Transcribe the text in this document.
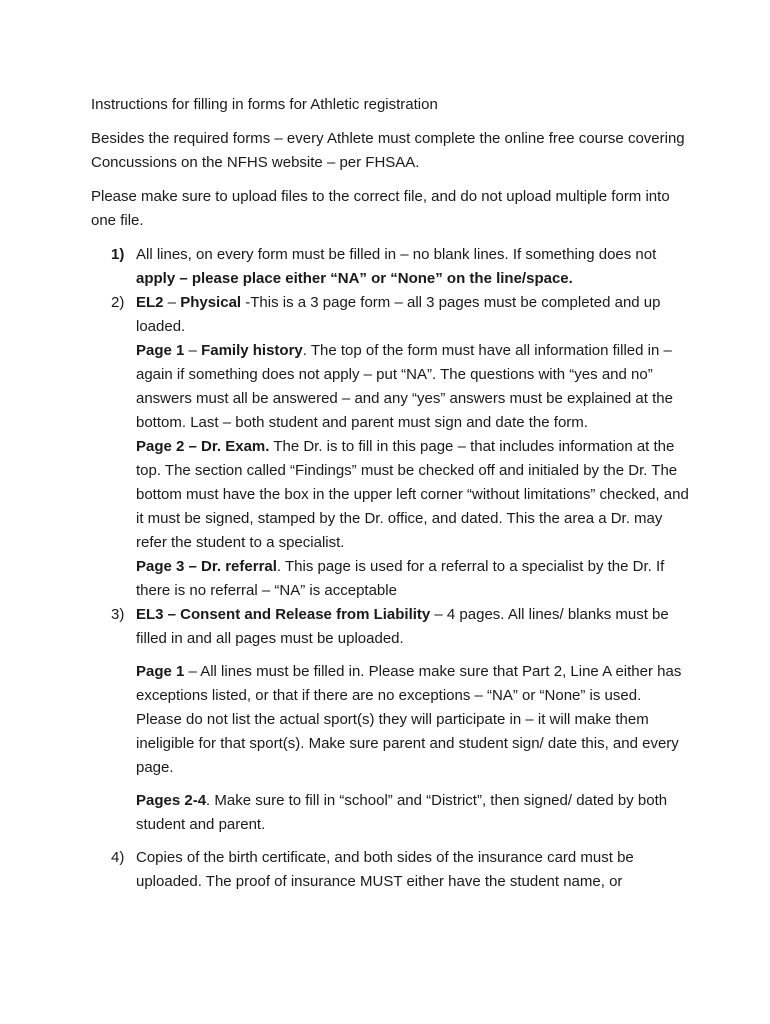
Instructions for filling in forms for Athletic registration

Besides the required forms – every Athlete must complete the online free course covering Concussions on the NFHS website – per FHSAA.

Please make sure to upload files to the correct file, and do not upload multiple form into one file.

1) All lines, on every form must be filled in – no blank lines. If something does not apply – please place either “NA” or “None” on the line/space.
2) EL2 – Physical -This is a 3 page form – all 3 pages must be completed and up loaded.

Page 1 – Family history. The top of the form must have all information filled in – again if something does not apply – put “NA”. The questions with “yes and no” answers must all be answered – and any “yes” answers must be explained at the bottom. Last – both student and parent must sign and date the form.

Page 2 – Dr. Exam. The Dr. is to fill in this page – that includes information at the top. The section called “Findings” must be checked off and initialed by the Dr. The bottom must have the box in the upper left corner “without limitations” checked, and it must be signed, stamped by the Dr. office, and dated. This the area a Dr. may refer the student to a specialist.

Page 3 – Dr. referral. This page is used for a referral to a specialist by the Dr. If there is no referral – “NA” is acceptable

3) EL3 – Consent and Release from Liability – 4 pages. All lines/ blanks must be filled in and all pages must be uploaded.

Page 1 – All lines must be filled in. Please make sure that Part 2, Line A either has exceptions listed, or that if there are no exceptions – “NA” or “None” is used. Please do not list the actual sport(s) they will participate in – it will make them ineligible for that sport(s). Make sure parent and student sign/ date this, and every page.

Pages 2-4. Make sure to fill in “school” and “District”, then signed/ dated by both student and parent.

4) Copies of the birth certificate, and both sides of the insurance card must be uploaded. The proof of insurance MUST either have the student name, or
